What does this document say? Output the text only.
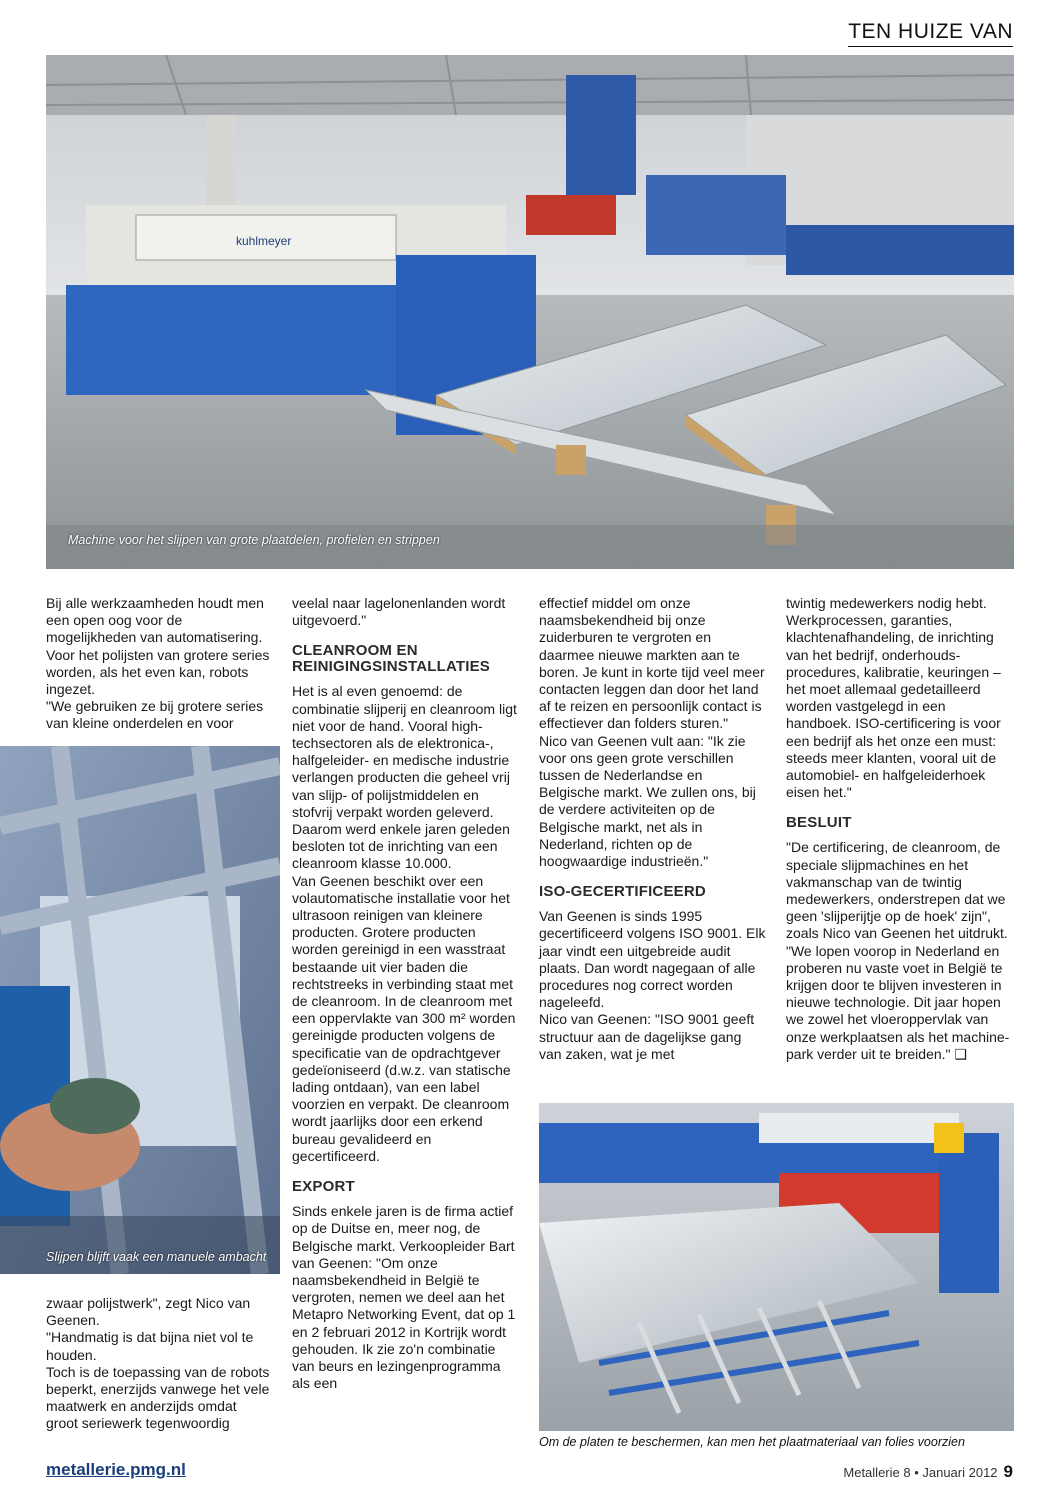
TEN HUIZE VAN
kuhlmeyer
Machine voor het slijpen van grote plaatdelen, profielen en strippen

Bij alle werkzaamheden houdt men een open oog voor de mogelijkheden van automatisering. Voor het polijsten van grotere series worden, als het even kan, robots ingezet.

"We gebruiken ze bij grotere series van kleine onderdelen en voor

Slijpen blijft vaak een manuele ambacht

zwaar polijstwerk", zegt Nico van Geenen.

"Handmatig is dat bijna niet vol te houden.

Toch is de toepassing van de robots beperkt, enerzijds vanwege het vele maatwerk en anderzijds omdat groot seriewerk tegenwoordig

veelal naar lagelonenlanden wordt uitgevoerd."

CLEANROOM EN REINIGINGSINSTALLATIES

Het is al even genoemd: de combinatie slijperij en cleanroom ligt niet voor de hand. Vooral high-techsectoren als de elektronica-, halfgeleider- en medische industrie verlangen producten die geheel vrij van slijp- of polijstmiddelen en stofvrij verpakt worden geleverd. Daarom werd enkele jaren geleden besloten tot de inrichting van een cleanroom klasse 10.000.

Van Geenen beschikt over een volautomatische installatie voor het ultrasoon reinigen van kleinere producten. Grotere producten worden gereinigd in een wasstraat bestaande uit vier baden die rechtstreeks in verbinding staat met de cleanroom. In de cleanroom met een oppervlakte van 300 m² worden gereinigde producten volgens de specificatie van de opdrachtgever gedeïoniseerd (d.w.z. van statische lading ontdaan), van een label voorzien en verpakt. De cleanroom wordt jaarlijks door een erkend bureau gevalideerd en gecertificeerd.

EXPORT

Sinds enkele jaren is de firma actief op de Duitse en, meer nog, de Belgische markt. Verkoopleider Bart van Geenen: "Om onze naamsbekendheid in België te vergroten, nemen we deel aan het Metapro Networking Event, dat op 1 en 2 februari 2012 in Kortrijk wordt gehouden. Ik zie zo'n combinatie van beurs en lezingenprogramma als een

effectief middel om onze naamsbekendheid bij onze zuiderburen te vergroten en daarmee nieuwe markten aan te boren. Je kunt in korte tijd veel meer contacten leggen dan door het land af te reizen en persoonlijk contact is effectiever dan folders sturen."

Nico van Geenen vult aan: "Ik zie voor ons geen grote verschillen tussen de Nederlandse en Belgische markt. We zullen ons, bij de verdere activiteiten op de Belgische markt, net als in Nederland, richten op de hoogwaardige industrieën."

ISO-GECERTIFICEERD

Van Geenen is sinds 1995 gecertificeerd volgens ISO 9001. Elk jaar vindt een uitgebreide audit plaats. Dan wordt nagegaan of alle procedures nog correct worden nageleefd.

Nico van Geenen: "ISO 9001 geeft structuur aan de dagelijkse gang van zaken, wat je met

twintig medewerkers nodig hebt. Werkprocessen, garanties, klachtenafhandeling, de inrichting van het bedrijf, onderhouds-procedures, kalibratie, keuringen – het moet allemaal gedetailleerd worden vastgelegd in een handboek. ISO-certificering is voor een bedrijf als het onze een must: steeds meer klanten, vooral uit de automobiel- en halfgeleiderhoek eisen het."

BESLUIT

"De certificering, de cleanroom, de speciale slijpmachines en het vakmanschap van de twintig medewerkers, onderstrepen dat we geen 'slijperijtje op de hoek' zijn", zoals Nico van Geenen het uitdrukt. "We lopen voorop in Nederland en proberen nu vaste voet in België te krijgen door te blijven investeren in nieuwe technologie. Dit jaar hopen we zowel het vloeroppervlak van onze werkplaatsen als het machine-park verder uit te breiden." ❑

Om de platen te beschermen, kan men het plaatmateriaal van folies voorzien
metallerie.pmg.nl	Metallerie 8 • Januari 2012 9
